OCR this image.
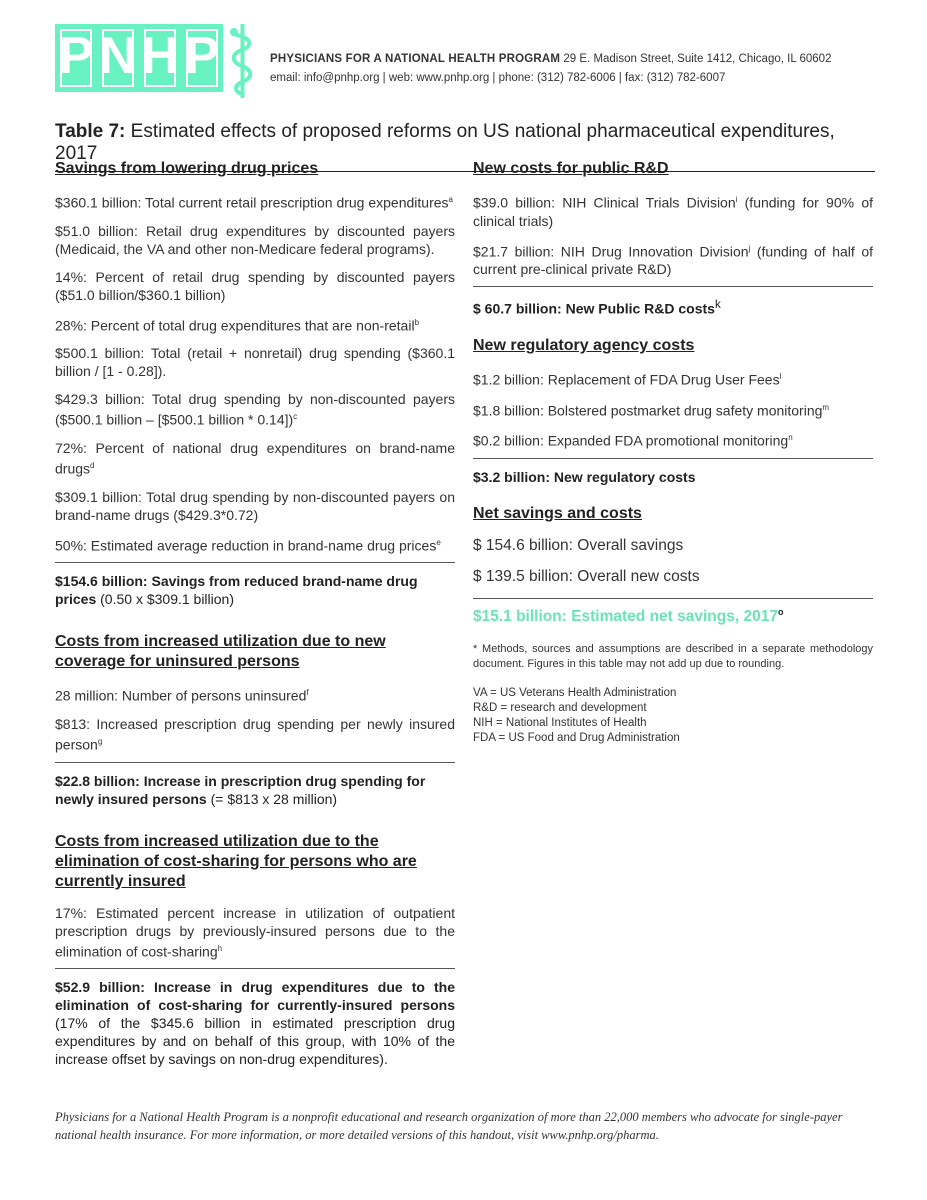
P N H P	PHYSICIANS FOR A NATIONAL HEALTH PROGRAM 29 E. Madison Street, Suite 1412, Chicago, IL 60602
email: info@pnhp.org | web: www.pnhp.org | phone: (312) 782-6006 | fax: (312) 782-6007
Table 7: Estimated effects of proposed reforms on US national pharmaceutical expenditures, 2017
Savings from lowering drug prices
$360.1 billion: Total current retail prescription drug expenditures$^a$
$51.0 billion: Retail drug expenditures by discounted payers (Medicaid, the VA and other non-Medicare federal programs).
14%: Percent of retail drug spending by discounted payers ($51.0 billion/$360.1 billion)
28%: Percent of total drug expenditures that are non-retail$^b$
$500.1 billion: Total (retail + nonretail) drug spending ($360.1 billion / [1 - 0.28]).
$429.3 billion: Total drug spending by non-discounted payers ($500.1 billion – [$500.1 billion * 0.14])$^c$
72%: Percent of national drug expenditures on brand-name drugs$^d$
$309.1 billion: Total drug spending by non-discounted payers on brand-name drugs ($429.3*0.72)
50%: Estimated average reduction in brand-name drug prices$^e$
$154.6 billion: Savings from reduced brand-name drug prices (0.50 x $309.1 billion)
Costs from increased utilization due to new coverage for uninsured persons
28 million: Number of persons uninsured$^f$
$813: Increased prescription drug spending per newly insured person$^g$
$22.8 billion: Increase in prescription drug spending for newly insured persons (= $813 x 28 million)
Costs from increased utilization due to the elimination of cost-sharing for persons who are currently insured
17%: Estimated percent increase in utilization of outpatient prescription drugs by previously-insured persons due to the elimination of cost-sharing$^h$
$52.9 billion: Increase in drug expenditures due to the elimination of cost-sharing for currently-insured persons (17% of the $345.6 billion in estimated prescription drug expenditures by and on behalf of this group, with 10% of the increase offset by savings on non-drug expenditures).
New costs for public R&D
$39.0 billion: NIH Clinical Trials Division$^i$ (funding for 90% of clinical trials)
$21.7 billion: NIH Drug Innovation Division$^j$ (funding of half of current pre-clinical private R&D)
$ 60.7 billion: New Public R&D costs$^k$
New regulatory agency costs
$1.2 billion: Replacement of FDA Drug User Fees$^l$
$1.8 billion: Bolstered postmarket drug safety monitoring$^m$
$0.2 billion: Expanded FDA promotional monitoring$^n$
$3.2 billion: New regulatory costs
Net savings and costs
$ 154.6 billion: Overall savings
$ 139.5 billion: Overall new costs
$15.1 billion: Estimated net savings, 2017$^o$
* Methods, sources and assumptions are described in a separate methodology document. Figures in this table may not add up due to rounding.
VA = US Veterans Health Administration
R&D = research and development
NIH = National Institutes of Health
FDA = US Food and Drug Administration
Physicians for a National Health Program is a nonprofit educational and research organization of more than 22,000 members who advocate for single-payer national health insurance. For more information, or more detailed versions of this handout, visit www.pnhp.org/pharma.
